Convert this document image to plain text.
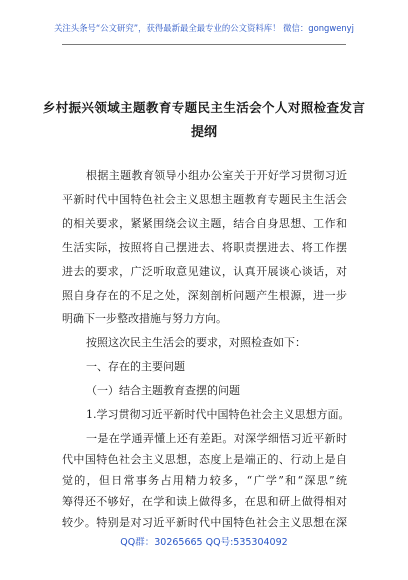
关注头条号“公文研究”，获得最新最全最专业的公文资料库！ 微信：gongwenyj
乡村振兴领域主题教育专题民主生活会个人对照检查发言
提纲
根据主题教育领导小组办公室关于开好学习贯彻习近
平新时代中国特色社会主义思想主题教育专题民主生活会
的相关要求，紧紧围绕会议主题，结合自身思想、工作和
生活实际，按照将自己摆进去、将职责摆进去、将工作摆
进去的要求，广泛听取意见建议，认真开展谈心谈话，对
照自身存在的不足之处，深刻剖析问题产生根源，进一步
明确下一步整改措施与努力方向。
按照这次民主生活会的要求，对照检查如下：
一、存在的主要问题
（一）结合主题教育查摆的问题
1.学习贯彻习近平新时代中国特色社会主义思想方面。
一是在学通弄懂上还有差距。对深学细悟习近平新时
代中国特色社会主义思想，态度上是端正的、行动上是自
觉的，但日常事务占用精力较多，“广学”和“深思”统
筹得还不够好，在学和读上做得多，在思和研上做得相对
QQ群：30265665 QQ号:535304092
较少。特别是对习近平新时代中国特色社会主义思想在深
